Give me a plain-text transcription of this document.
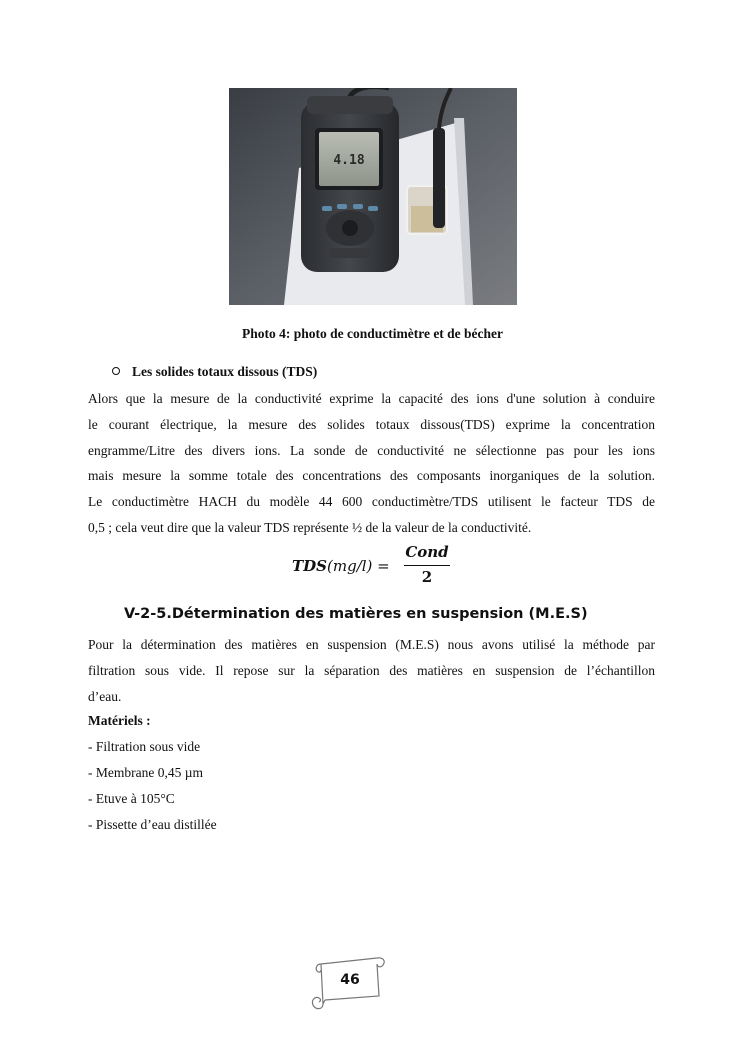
4.18
Photo 4: photo de conductimètre et de bécher
Les solides totaux dissous (TDS)
Alors que la mesure de la conductivité exprime la capacité des ions d'une solution à conduire
le courant électrique, la mesure des solides totaux dissous(TDS) exprime la concentration
engramme/Litre des divers ions. La sonde de conductivité ne sélectionne pas pour les ions
mais mesure la somme totale des concentrations des composants inorganiques de la solution.
Le conductimètre HACH du modèle 44 600 conductimètre/TDS utilisent le facteur TDS de
0,5 ; cela veut dire que la valeur TDS représente ½ de la valeur de la conductivité.
TDS(mg/l) =
Cond
2
V-2-5.Détermination des matières en suspension (M.E.S)
Pour la détermination des matières en suspension (M.E.S) nous avons utilisé la méthode par
filtration sous vide. Il repose sur la séparation des matières en suspension de l’échantillon
d’eau.
Matériels :
- Filtration sous vide
- Membrane 0,45 µm
- Etuve à 105°C
- Pissette d’eau distillée
46
